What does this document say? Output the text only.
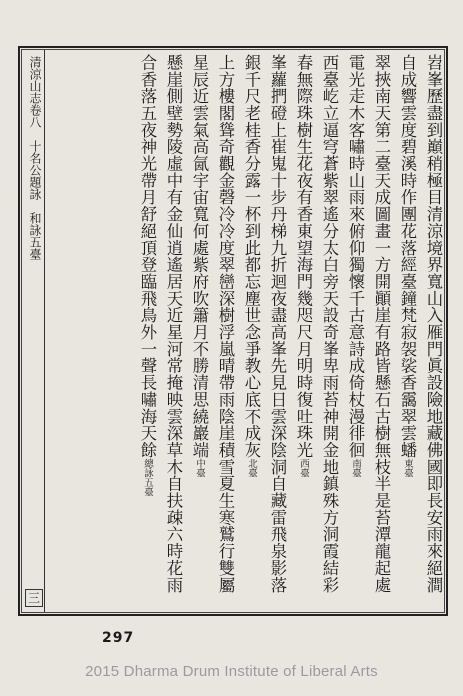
清涼山志卷八　十名公題詠　和詠五臺
三
岧峯歷盡到巔稍極目清涼境界寬山入雁門眞設險地藏佛國即長安雨來絕澗
自成響雲度碧溪時作團花落經臺鐘梵寂袈裟香靄翠雲蟠東臺
翠挾南天第二臺天成圖畫一方開顚崖有路皆懸石古樹無枝半是苔潭龍起處
電光走木客嘯時山雨來俯仰獨懷千古意詩成倚杖漫徘徊南臺
西臺屹立逼穹蒼紫翠遙分太白旁天設奇峯卑雨苔神開金地鎮殊方洞霞結彩
春無際珠樹生花夜有香東望海門幾咫尺月明時復吐珠光西臺
峯蘿捫磴上崔嵬十步丹梯九折迴夜盡高峯先見日雲深陰洞自藏雷飛泉影落
銀千尺老桂香分露一杯到此都忘塵世念爭教心底不成灰北臺
上方樓閣聳奇觀金磬冷冷度翠巒深樹浮嵐晴帶雨陰崖積雪夏生寒鷲行雙屬
星辰近雲氣高氤宇宙寬何處紫府吹簫月不勝清思繞巖端中臺
懸崖側壁勢陵虛中有金仙逍遙居天近星河常掩映雲深草木自扶疎六時花雨
合香落五夜神光帶月舒絕頂登臨飛鳥外一聲長嘯海天餘總詠五臺
297
2015 Dharma Drum Institute of Liberal Arts
